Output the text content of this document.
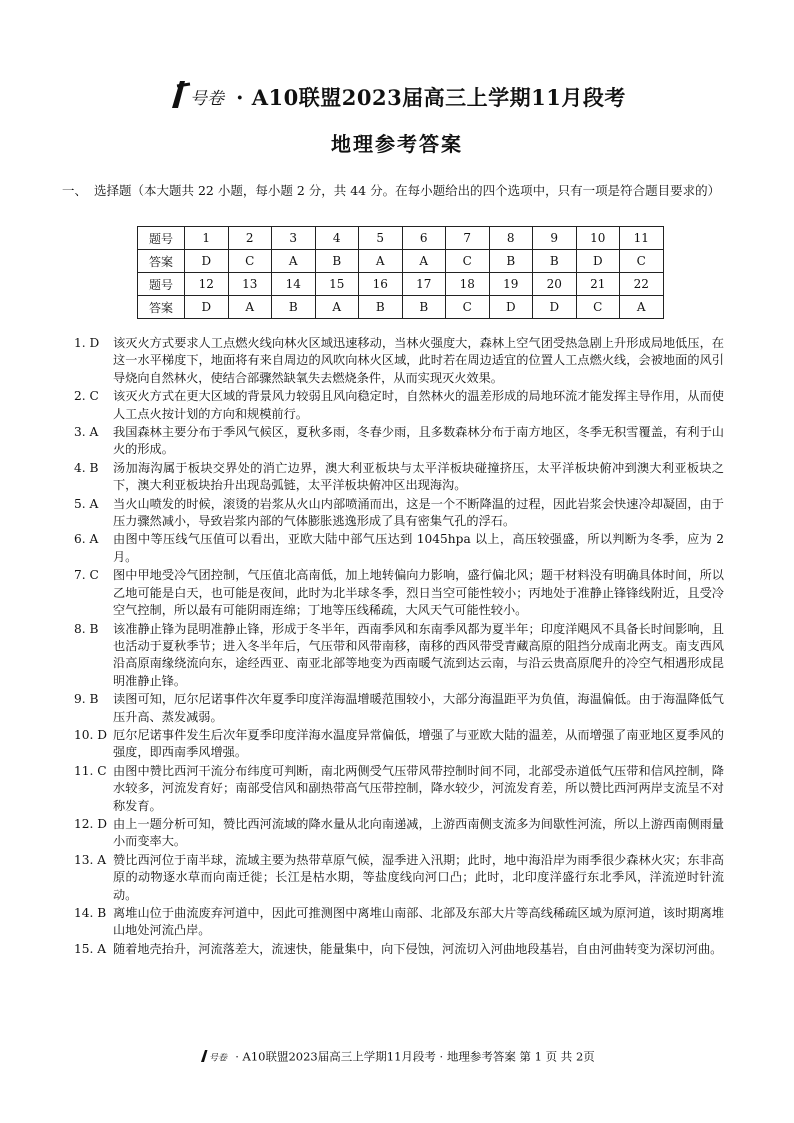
号卷 · A10联盟2023届高三上学期11月段考
地理参考答案
一、 选择题（本大题共 22 小题，每小题 2 分，共 44 分。在每小题给出的四个选项中，只有一项是符合题目要求的）
题号	1	2	3	4	5	6	7	8	9	10	11
答案	D	C	A	B	A	A	C	B	B	D	C
题号	12	13	14	15	16	17	18	19	20	21	22
答案	D	A	B	A	B	B	C	D	D	C	A
1. D	该灭火方式要求人工点燃火线向林火区域迅速移动，当林火强度大，森林上空气团受热急剧上升形成局地低压，在这一水平梯度下，地面将有来自周边的风吹向林火区域，此时若在周边适宜的位置人工点燃火线，会被地面的风引导烧向自然林火，使结合部骤然缺氧失去燃烧条件，从而实现灭火效果。
2. C	该灭火方式在更大区域的背景风力较弱且风向稳定时，自然林火的温差形成的局地环流才能发挥主导作用，从而使人工点火按计划的方向和规模前行。
3. A	我国森林主要分布于季风气候区，夏秋多雨，冬春少雨，且多数森林分布于南方地区，冬季无积雪覆盖，有利于山火的形成。
4. B	汤加海沟属于板块交界处的消亡边界，澳大利亚板块与太平洋板块碰撞挤压，太平洋板块俯冲到澳大利亚板块之下，澳大利亚板块抬升出现岛弧链，太平洋板块俯冲区出现海沟。
5. A	当火山喷发的时候，滚烫的岩浆从火山内部喷涌而出，这是一个不断降温的过程，因此岩浆会快速冷却凝固，由于压力骤然减小，导致岩浆内部的气体膨胀逃逸形成了具有密集气孔的浮石。
6. A	由图中等压线气压值可以看出，亚欧大陆中部气压达到 1045hpa 以上，高压较强盛，所以判断为冬季，应为 2 月。
7. C	图中甲地受冷气团控制，气压值北高南低，加上地转偏向力影响，盛行偏北风；题干材料没有明确具体时间，所以乙地可能是白天，也可能是夜间，此时为北半球冬季，烈日当空可能性较小；丙地处于准静止锋锋线附近，且受冷空气控制，所以最有可能阴雨连绵；丁地等压线稀疏，大风天气可能性较小。
8. B	该准静止锋为昆明准静止锋，形成于冬半年，西南季风和东南季风都为夏半年；印度洋飓风不具备长时间影响，且也活动于夏秋季节；进入冬半年后，气压带和风带南移，南移的西风带受青藏高原的阻挡分成南北两支。南支西风沿高原南缘绕流向东，途经西亚、南亚北部等地变为西南暖气流到达云南，与沿云贵高原爬升的冷空气相遇形成昆明准静止锋。
9. B	读图可知，厄尔尼诺事件次年夏季印度洋海温增暖范围较小，大部分海温距平为负值，海温偏低。由于海温降低气压升高、蒸发减弱。
10. D 厄尔尼诺事件发生后次年夏季印度洋海水温度异常偏低，增强了与亚欧大陆的温差，从而增强了南亚地区夏季风的强度，即西南季风增强。
11. C 由图中赞比西河干流分布纬度可判断，南北两侧受气压带风带控制时间不同，北部受赤道低气压带和信风控制，降水较多，河流发育好；南部受信风和副热带高气压带控制，降水较少，河流发育差，所以赞比西河两岸支流呈不对称发育。
12. D 由上一题分析可知，赞比西河流域的降水量从北向南递减，上游西南侧支流多为间歇性河流，所以上游西南侧雨量小而变率大。
13. A 赞比西河位于南半球，流域主要为热带草原气候，湿季进入汛期；此时，地中海沿岸为雨季很少森林火灾；东非高原的动物逐水草而向南迁徙；长江是枯水期，等盐度线向河口凸；此时，北印度洋盛行东北季风，洋流逆时针流动。
14. B 离堆山位于曲流废弃河道中，因此可推测图中离堆山南部、北部及东部大片等高线稀疏区域为原河道，该时期离堆山地处河流凸岸。
15. A 随着地壳抬升，河流落差大，流速快，能量集中，向下侵蚀，河流切入河曲地段基岩，自由河曲转变为深切河曲。
号卷 · A10联盟2023届高三上学期11月段考 · 地理参考答案 第 1 页 共 2页
